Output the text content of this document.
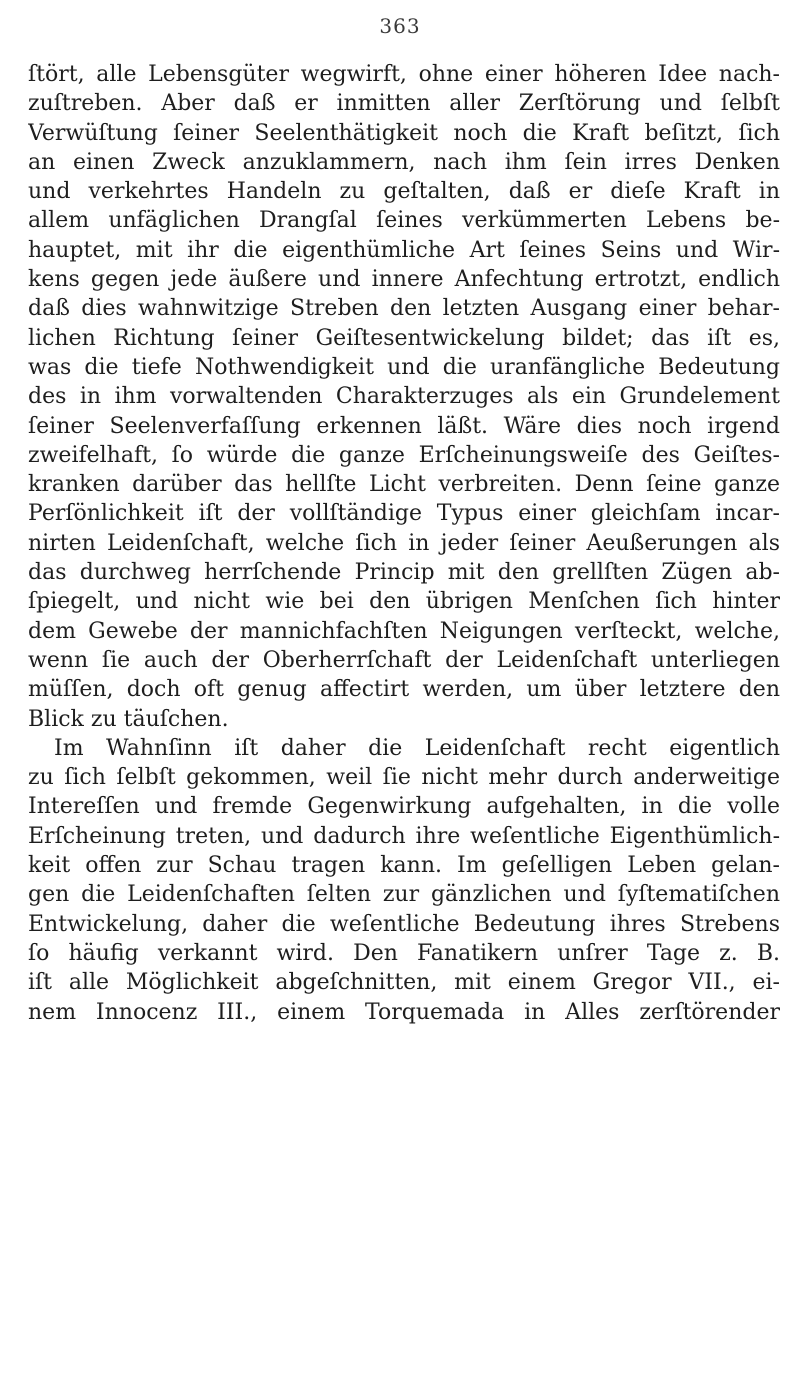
363
ſtört, alle Lebensgüter wegwirft, ohne einer höheren Idee nach-
zuſtreben. Aber daß er inmitten aller Zerſtörung und ſelbſt
Verwüſtung ſeiner Seelenthätigkeit noch die Kraft beſitzt, ſich
an einen Zweck anzuklammern, nach ihm ſein irres Denken
und verkehrtes Handeln zu geſtalten, daß er dieſe Kraft in
allem unfäglichen Drangſal ſeines verkümmerten Lebens be-
hauptet, mit ihr die eigenthümliche Art ſeines Seins und Wir-
kens gegen jede äußere und innere Anfechtung ertrotzt, endlich
daß dies wahnwitzige Streben den letzten Ausgang einer behar-
lichen Richtung ſeiner Geiſtesentwickelung bildet; das iſt es,
was die tiefe Nothwendigkeit und die uranfängliche Bedeutung
des in ihm vorwaltenden Charakterzuges als ein Grundelement
ſeiner Seelenverfaſſung erkennen läßt. Wäre dies noch irgend
zweifelhaft, ſo würde die ganze Erſcheinungsweiſe des Geiſtes-
kranken darüber das hellſte Licht verbreiten. Denn ſeine ganze
Perſönlichkeit iſt der vollſtändige Typus einer gleichſam incar-
nirten Leidenſchaft, welche ſich in jeder ſeiner Aeußerungen als
das durchweg herrſchende Princip mit den grellſten Zügen ab-
ſpiegelt, und nicht wie bei den übrigen Menſchen ſich hinter
dem Gewebe der mannichfachſten Neigungen verſteckt, welche,
wenn ſie auch der Oberherrſchaft der Leidenſchaft unterliegen
müſſen, doch oft genug affectirt werden, um über letztere den
Blick zu täuſchen.
Im Wahnſinn iſt daher die Leidenſchaft recht eigentlich
zu ſich ſelbſt gekommen, weil ſie nicht mehr durch anderweitige
Intereſſen und fremde Gegenwirkung aufgehalten, in die volle
Erſcheinung treten, und dadurch ihre weſentliche Eigenthümlich-
keit offen zur Schau tragen kann. Im geſelligen Leben gelan-
gen die Leidenſchaften ſelten zur gänzlichen und ſyſtematiſchen
Entwickelung, daher die weſentliche Bedeutung ihres Strebens
ſo häufig verkannt wird. Den Fanatikern unſrer Tage z. B.
iſt alle Möglichkeit abgeſchnitten, mit einem Gregor VII., ei-
nem Innocenz III., einem Torquemada in Alles zerſtörender
